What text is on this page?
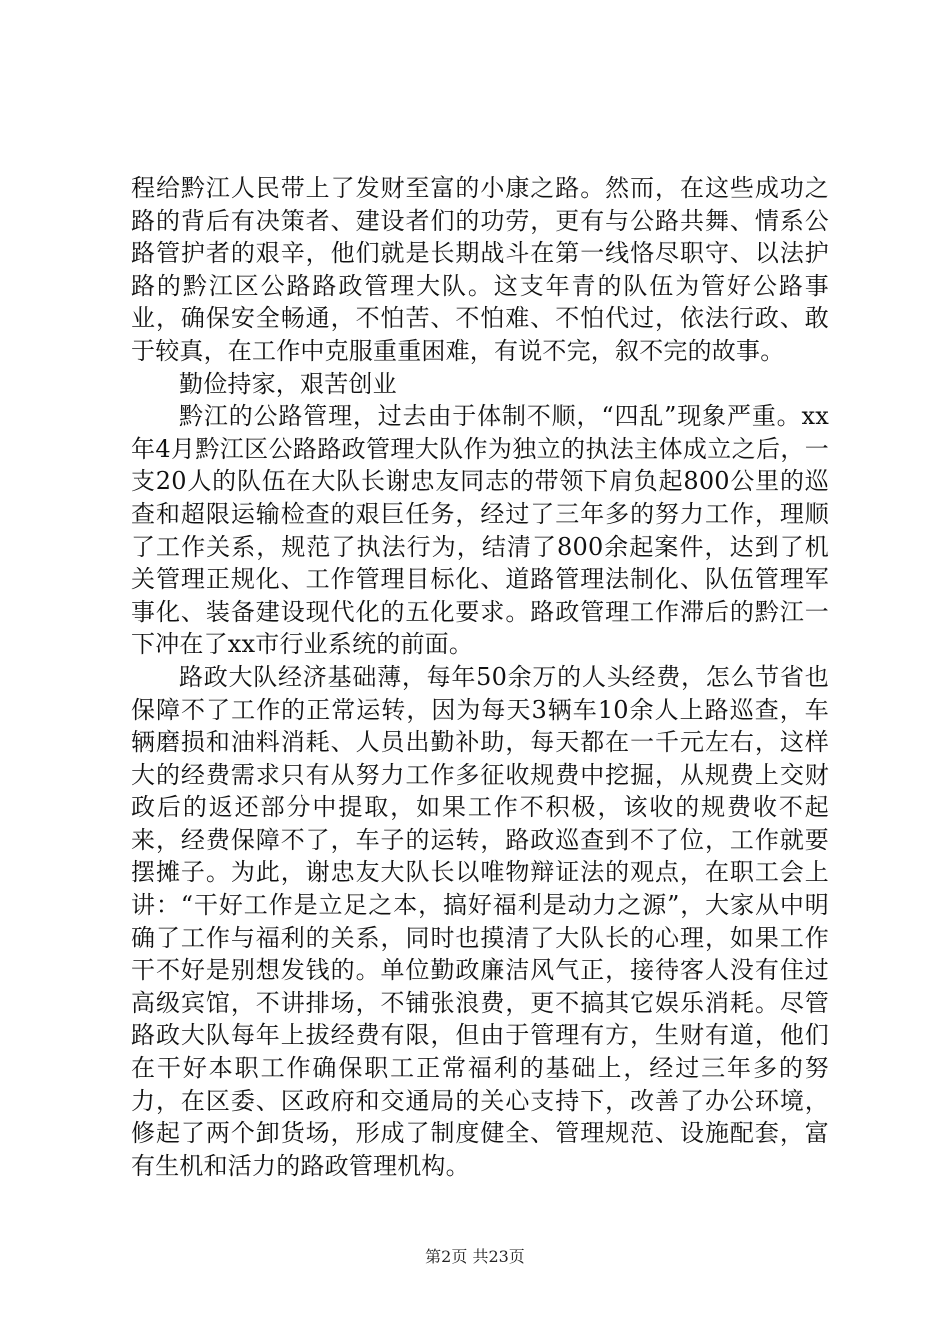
程给黔江人民带上了发财至富的小康之路。然而，在这些成功之路的背后有决策者、建设者们的功劳，更有与公路共舞、情系公路管护者的艰辛，他们就是长期战斗在第一线恪尽职守、以法护路的黔江区公路路政管理大队。这支年青的队伍为管好公路事业，确保安全畅通，不怕苦、不怕难、不怕代过，依法行政、敢于较真，在工作中克服重重困难，有说不完，叙不完的故事。

勤俭持家，艰苦创业

黔江的公路管理，过去由于体制不顺，“四乱”现象严重。xx年4月黔江区公路路政管理大队作为独立的执法主体成立之后，一支20人的队伍在大队长谢忠友同志的带领下肩负起800公里的巡查和超限运输检查的艰巨任务，经过了三年多的努力工作，理顺了工作关系，规范了执法行为，结清了800余起案件，达到了机关管理正规化、工作管理目标化、道路管理法制化、队伍管理军事化、装备建设现代化的五化要求。路政管理工作滞后的黔江一下冲在了xx市行业系统的前面。

路政大队经济基础薄，每年50余万的人头经费，怎么节省也保障不了工作的正常运转，因为每天3辆车10余人上路巡查，车辆磨损和油料消耗、人员出勤补助，每天都在一千元左右，这样大的经费需求只有从努力工作多征收规费中挖掘，从规费上交财政后的返还部分中提取，如果工作不积极，该收的规费收不起来，经费保障不了，车子的运转，路政巡查到不了位，工作就要摆摊子。为此，谢忠友大队长以唯物辩证法的观点，在职工会上讲：“干好工作是立足之本，搞好福利是动力之源”，大家从中明确了工作与福利的关系，同时也摸清了大队长的心理，如果工作干不好是别想发钱的。单位勤政廉洁风气正，接待客人没有住过高级宾馆，不讲排场，不铺张浪费，更不搞其它娱乐消耗。尽管路政大队每年上拔经费有限，但由于管理有方，生财有道，他们在干好本职工作确保职工正常福利的基础上，经过三年多的努力，在区委、区政府和交通局的关心支持下，改善了办公环境，修起了两个卸货场，形成了制度健全、管理规范、设施配套，富有生机和活力的路政管理机构。

第2页 共23页
